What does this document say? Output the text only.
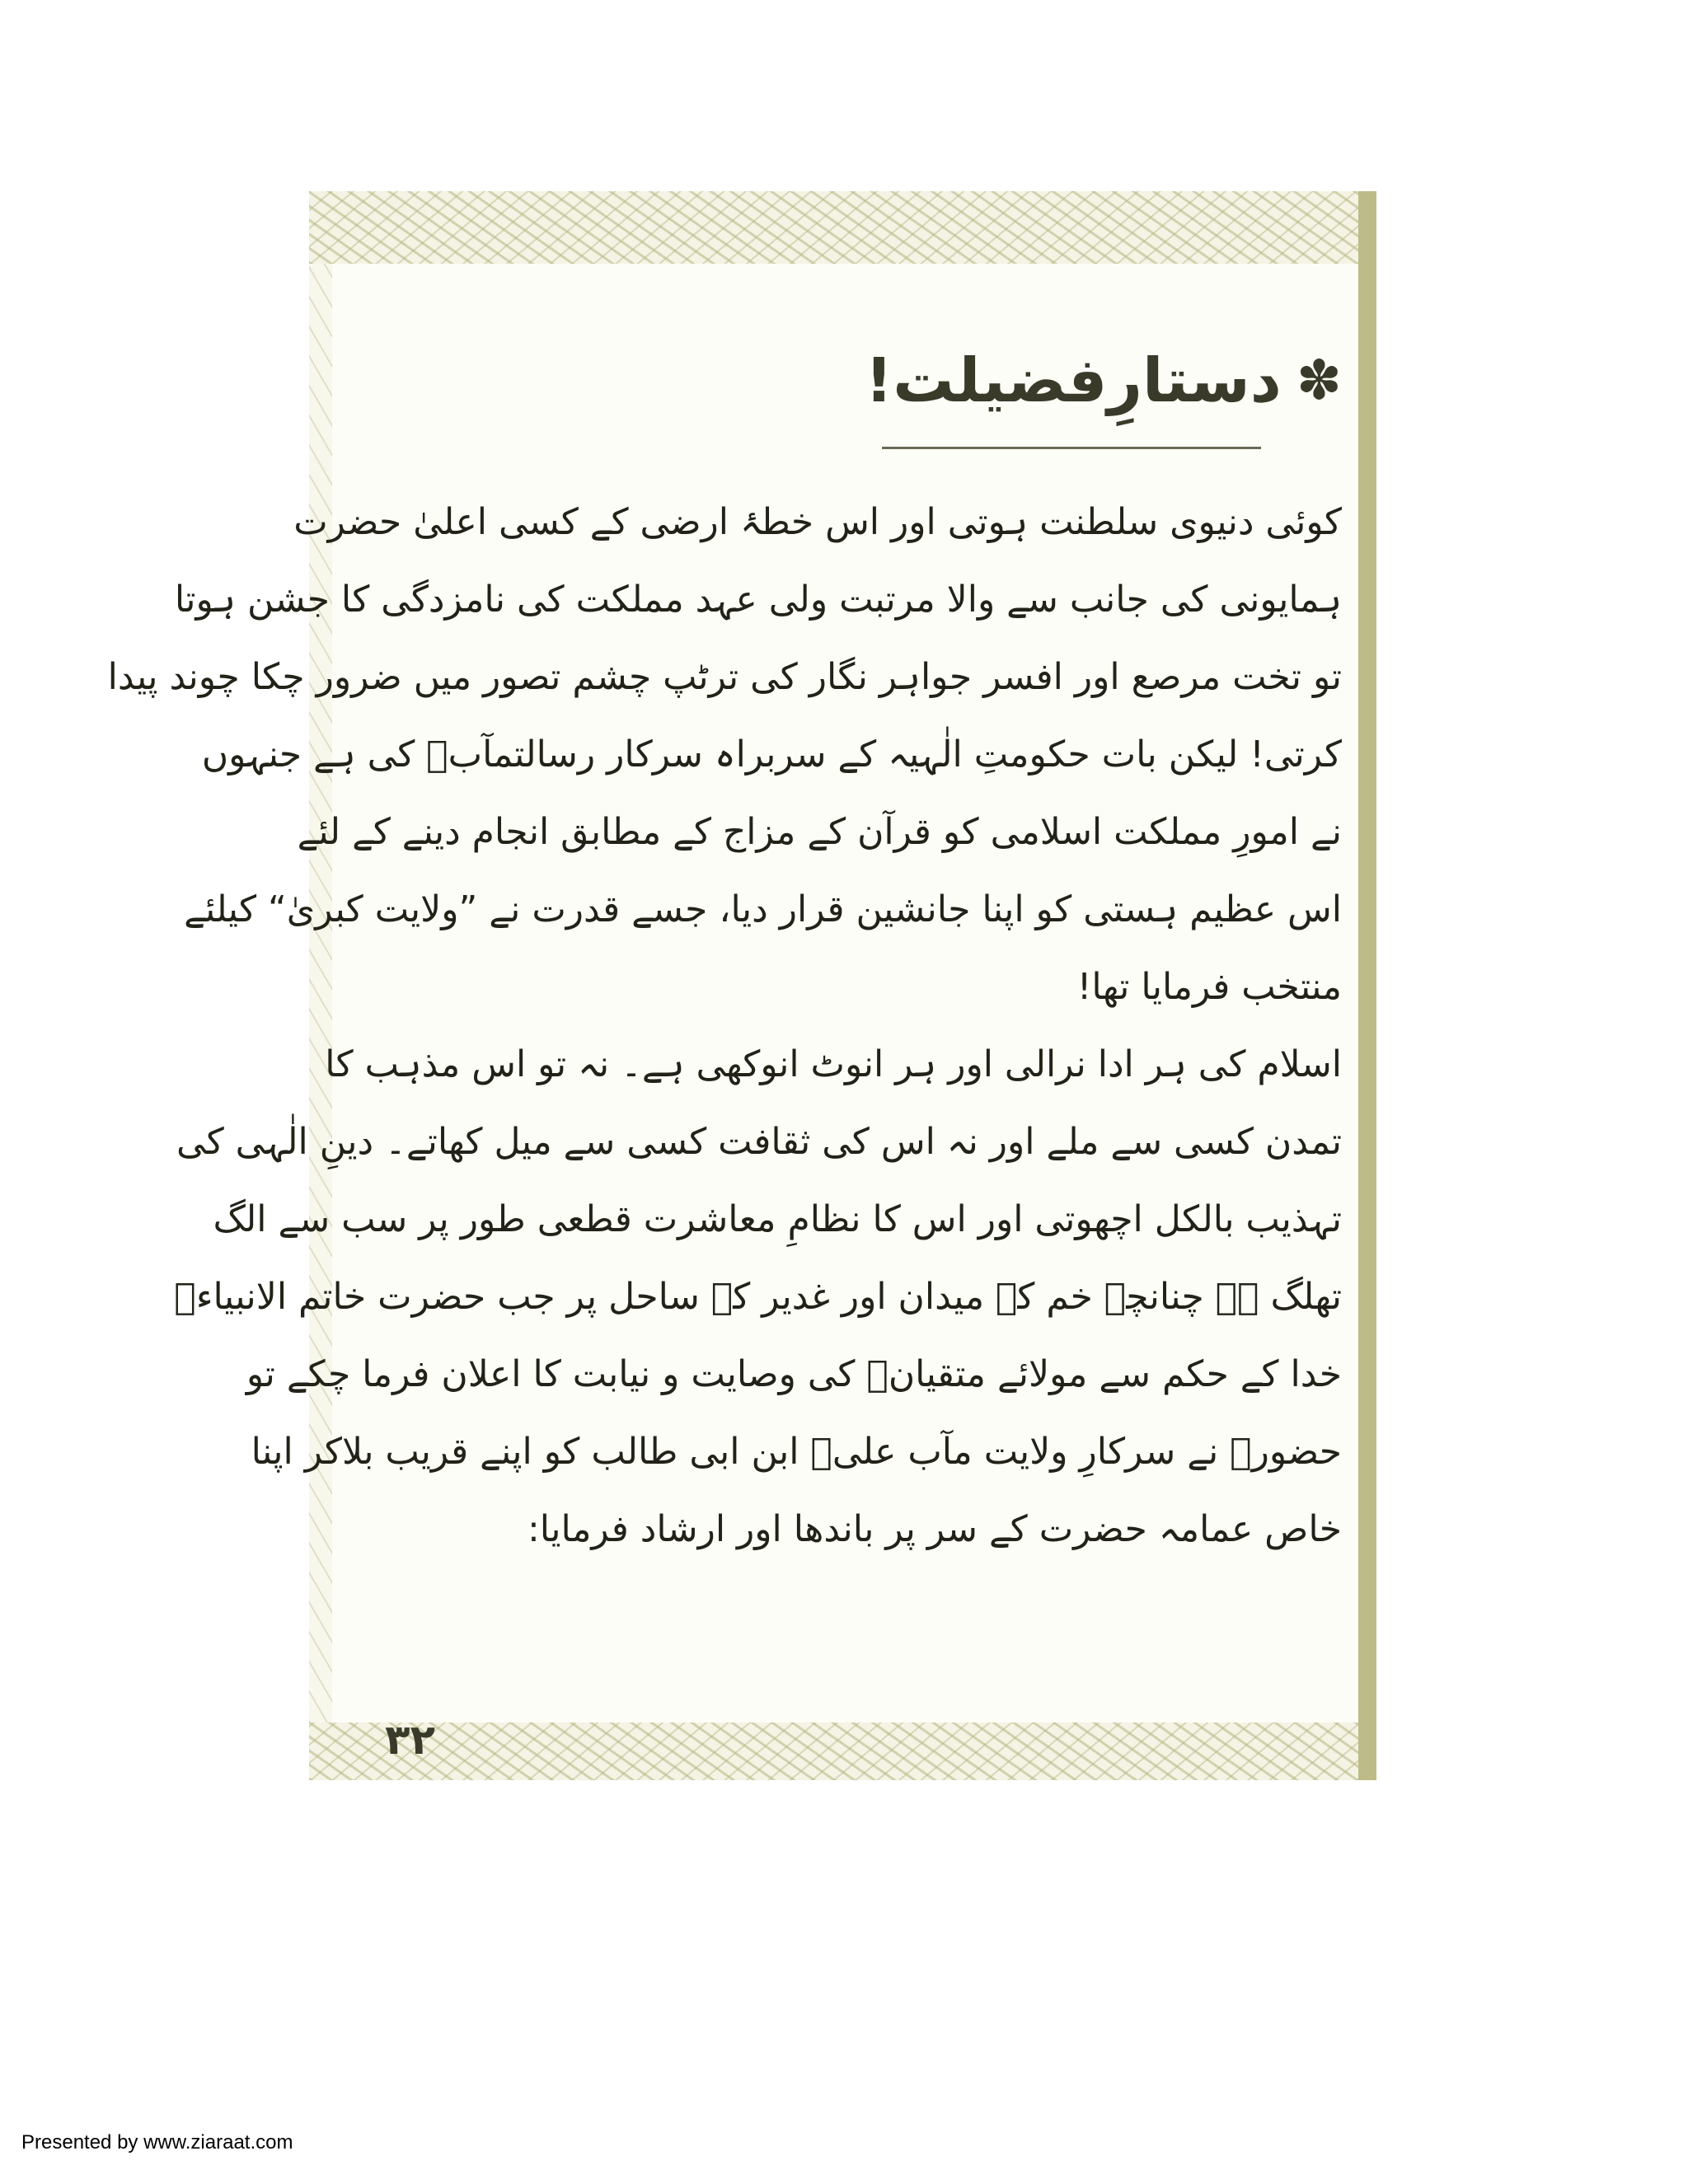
✽
دستارِفضیلت!
کوئی دنیوی سلطنت ہوتی اور اس خطۂ ارضی کے کسی اعلیٰ حضرت
ہمایونی کی جانب سے والا مرتبت ولی عہد مملکت کی نامزدگی کا جشن ہوتا
تو تخت مرصع اور افسر جواہر نگار کی ترٹپ چشم تصور میں ضرور چکا چوند پیدا
کرتی! لیکن بات حکومتِ الٰہیہ کے سربراہ سرکار رسالتمآبؐ کی ہے جنہوں
نے امورِ مملکت اسلامی کو قرآن کے مزاج کے مطابق انجام دینے کے لئے
اس عظیم ہستی کو اپنا جانشین قرار دیا، جسے قدرت نے ”ولایت کبریٰ“ کیلئے
منتخب فرمایا تھا!
اسلام کی ہر ادا نرالی اور ہر انوٹ انوکھی ہے۔ نہ تو اس مذہب کا
تمدن کسی سے ملے اور نہ اس کی ثقافت کسی سے میل کھاتے۔ دینِ الٰہی کی
تہذیب بالکل اچھوتی اور اس کا نظامِ معاشرت قطعی طور پر سب سے الگ
تھلگ ہے چنانچہ خم کے میدان اور غدیر کے ساحل پر جب حضرت خاتم الانبیاءؐ
خدا کے حکم سے مولائے متقیانؑ کی وصایت و نیابت کا اعلان فرما چکے تو
حضورؐ نے سرکارِ ولایت مآب علیؑ ابن ابی طالب کو اپنے قریب بلاکر اپنا
خاص عمامہ حضرت کے سر پر باندھا اور ارشاد فرمایا:
۳۲
Presented by www.ziaraat.com
